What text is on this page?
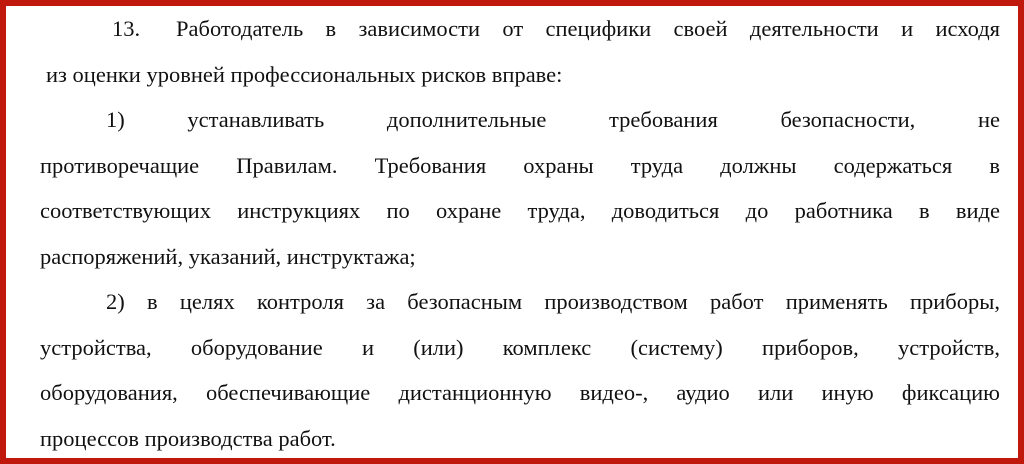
13. Работодатель в зависимости от специфики своей деятельности и исходя
из оценки уровней профессиональных рисков вправе:
1) устанавливать дополнительные требования безопасности, не
противоречащие Правилам. Требования охраны труда должны содержаться в
соответствующих инструкциях по охране труда, доводиться до работника в виде
распоряжений, указаний, инструктажа;
2) в целях контроля за безопасным производством работ применять приборы,
устройства, оборудование и (или) комплекс (систему) приборов, устройств,
оборудования, обеспечивающие дистанционную видео-, аудио или иную фиксацию
процессов производства работ.
